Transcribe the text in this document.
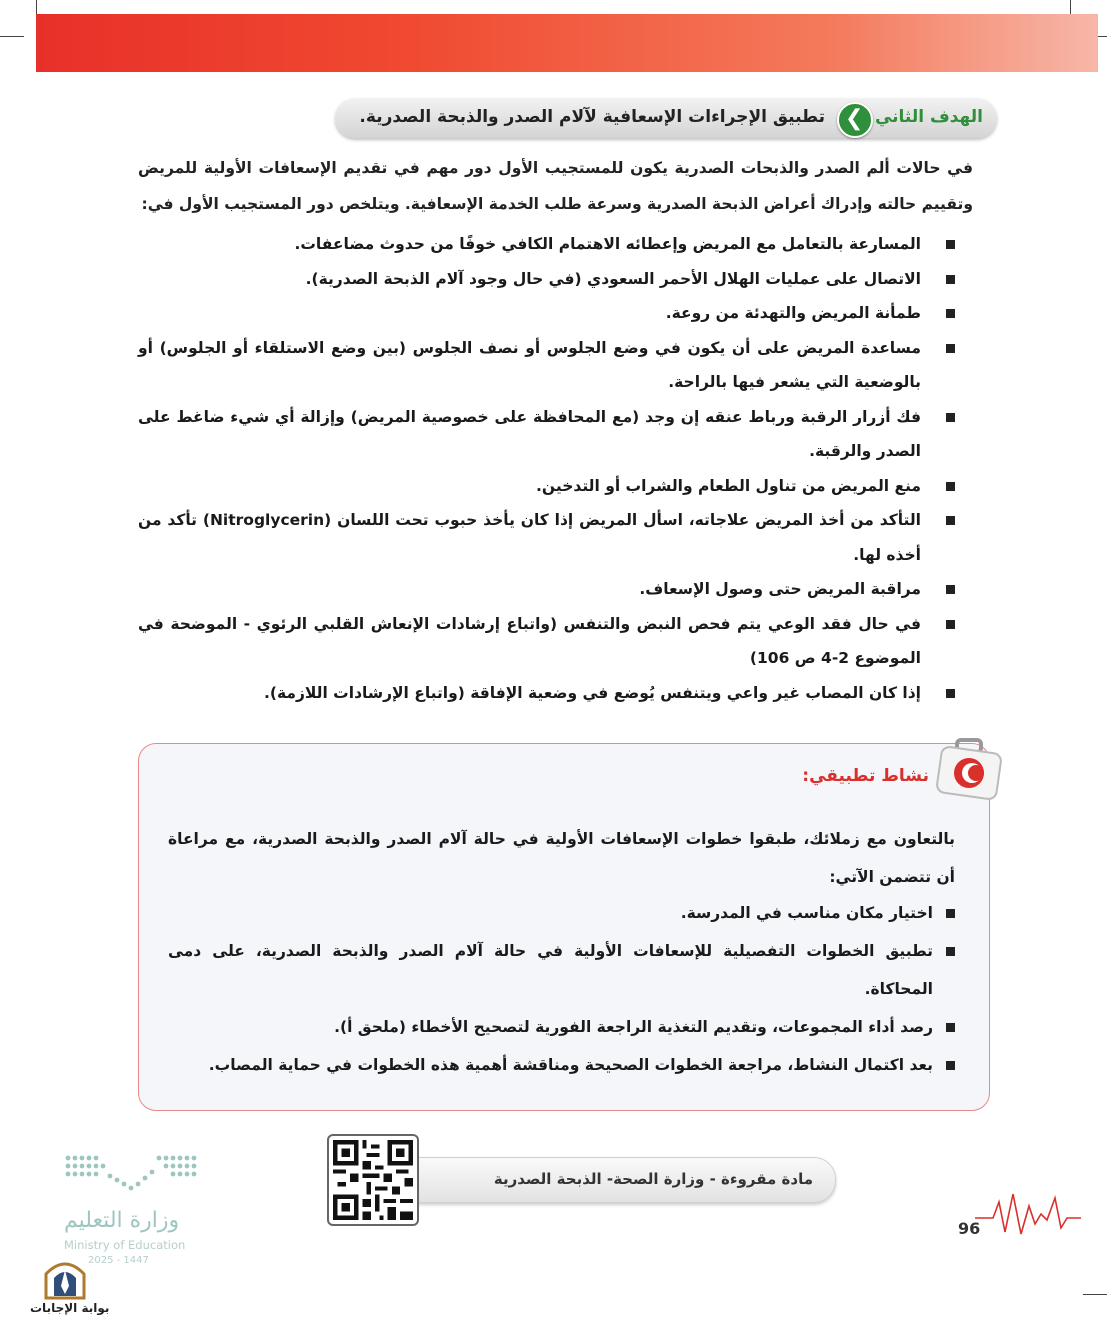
الهدف الثاني
❮
تطبيق الإجراءات الإسعافية لآلام الصدر والذبحة الصدرية.
في حالات ألم الصدر والذبحات الصدرية يكون للمستجيب الأول دور مهم في تقديم الإسعافات الأولية للمريض وتقييم حالته وإدراك أعراض الذبحة الصدرية وسرعة طلب الخدمة الإسعافية. ويتلخص دور المستجيب الأول في:
المسارعة بالتعامل مع المريض وإعطائه الاهتمام الكافي خوفًا من حدوث مضاعفات.
الاتصال على عمليات الهلال الأحمر السعودي (في حال وجود آلام الذبحة الصدرية).
طمأنة المريض والتهدئة من روعة.
مساعدة المريض على أن يكون في وضع الجلوس أو نصف الجلوس (بين وضع الاستلقاء أو الجلوس) أو بالوضعية التي يشعر فيها بالراحة.
فك أزرار الرقبة ورباط عنقه إن وجد (مع المحافظة على خصوصية المريض) وإزالة أي شيء ضاغط على الصدر والرقبة.
منع المريض من تناول الطعام والشراب أو التدخين.
التأكد من أخذ المريض علاجاته، اسأل المريض إذا كان يأخذ حبوب تحت اللسان (Nitroglycerin) تأكد من أخذه لها.
مراقبة المريض حتى وصول الإسعاف.
في حال فقد الوعي يتم فحص النبض والتنفس (واتباع إرشادات الإنعاش القلبي الرئوي - الموضحة في الموضوع 2-4 ص 106)
إذا كان المصاب غير واعي ويتنفس يُوضع في وضعية الإفاقة (واتباع الإرشادات اللازمة).
نشاط تطبيقي:
بالتعاون مع زملائك، طبقوا خطوات الإسعافات الأولية في حالة آلام الصدر والذبحة الصدرية، مع مراعاة أن تتضمن الآتي:
اختيار مكان مناسب في المدرسة.
تطبيق الخطوات التفصيلية للإسعافات الأولية في حالة آلام الصدر والذبحة الصدرية، على دمى المحاكاة.
رصد أداء المجموعات، وتقديم التغذية الراجعة الفورية لتصحيح الأخطاء (ملحق أ).
بعد اكتمال النشاط، مراجعة الخطوات الصحيحة ومناقشة أهمية هذه الخطوات في حماية المصاب.
مادة مقروءة - وزارة الصحة- الذبحة الصدرية
96
وزارة التعليم
Ministry of Education
2025 - 1447
بوابة الإجابات
